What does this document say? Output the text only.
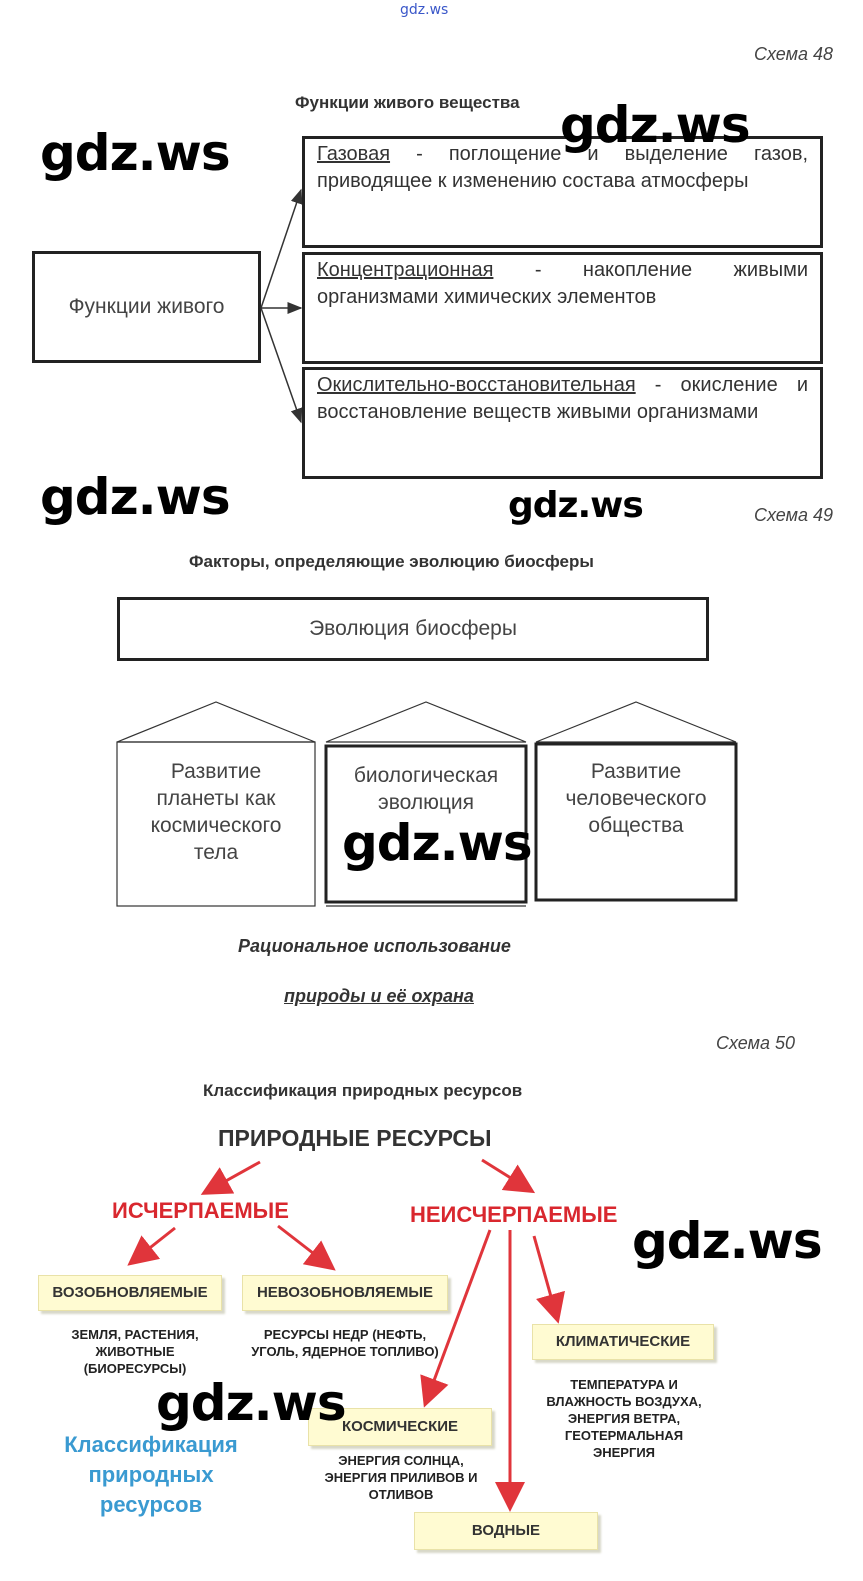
gdz.ws
Схема 48
Функции живого вещества
Функции живого
Газовая - поглощение и выделение газов, приводящее к изменению состава атмосферы
Концентрационная - накопление живыми организмами химических элементов
Окислительно-восстановительная - окисление и восстановление веществ живыми организмами
gdz.ws	gdz.ws
gdz.ws	gdz.ws	Схема 49
Факторы, определяющие эволюцию биосферы
Эволюция биосферы
Развитие планеты как космического тела
биологическая эволюция
Развитие человеческого общества
gdz.ws
Рациональное использование
природы и её охрана
Схема 50
Классификация природных ресурсов
ПРИРОДНЫЕ РЕСУРСЫ
ИСЧЕРПАЕМЫЕ	НЕИСЧЕРПАЕМЫЕ
ВОЗОБНОВЛЯЕМЫЕ
ЗЕМЛЯ, РАСТЕНИЯ, ЖИВОТНЫЕ (БИОРЕСУРСЫ)
НЕВОЗОБНОВЛЯЕМЫЕ
РЕСУРСЫ НЕДР (НЕФТЬ, УГОЛЬ, ЯДЕРНОЕ ТОПЛИВО)
КЛИМАТИЧЕСКИЕ
ТЕМПЕРАТУРА И ВЛАЖНОСТЬ ВОЗДУХА, ЭНЕРГИЯ ВЕТРА, ГЕОТЕРМАЛЬНАЯ ЭНЕРГИЯ
КОСМИЧЕСКИЕ
ЭНЕРГИЯ СОЛНЦА, ЭНЕРГИЯ ПРИЛИВОВ И ОТЛИВОВ
ВОДНЫЕ
Классификация природных ресурсов
gdz.ws
gdz.ws
